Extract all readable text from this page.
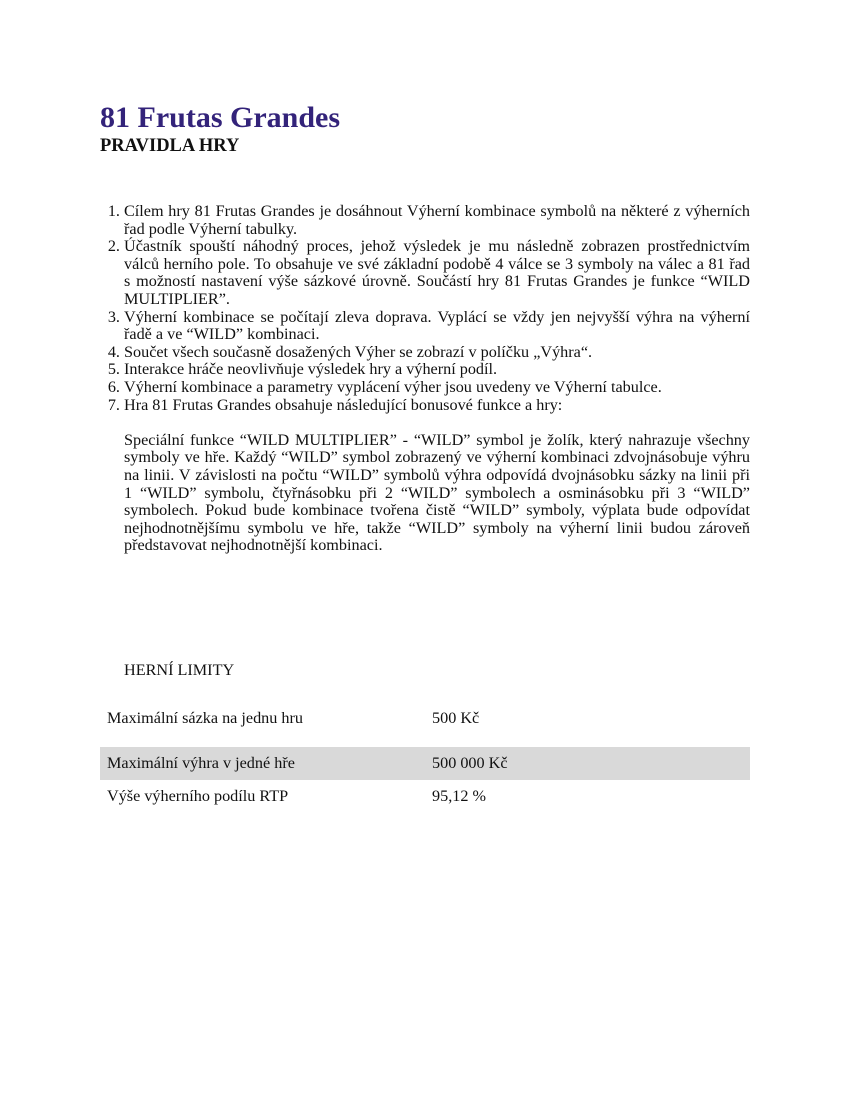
81 Frutas Grandes
PRAVIDLA HRY
1. Cílem hry 81 Frutas Grandes je dosáhnout Výherní kombinace symbolů na některé z výherních řad podle Výherní tabulky.
2. Účastník spouští náhodný proces, jehož výsledek je mu následně zobrazen prostřednictvím válců herního pole. To obsahuje ve své základní podobě 4 válce se 3 symboly na válec a 81 řad s možností nastavení výše sázkové úrovně. Součástí hry 81 Frutas Grandes je funkce “WILD MULTIPLIER”.
3. Výherní kombinace se počítají zleva doprava. Vyplácí se vždy jen nejvyšší výhra na výherní řadě a ve “WILD” kombinaci.
4. Součet všech současně dosažených Výher se zobrazí v políčku „Výhra“.
5. Interakce hráče neovlivňuje výsledek hry a výherní podíl.
6. Výherní kombinace a parametry vyplácení výher jsou uvedeny ve Výherní tabulce.
7. Hra 81 Frutas Grandes obsahuje následující bonusové funkce a hry:
Speciální funkce “WILD MULTIPLIER” - “WILD” symbol je žolík, který nahrazuje všechny symboly ve hře. Každý “WILD” symbol zobrazený ve výherní kombinaci zdvojnásobuje výhru na linii. V závislosti na počtu “WILD” symbolů výhra odpovídá dvojnásobku sázky na linii při 1 “WILD” symbolu, čtyřnásobku při 2 “WILD” symbolech a osminásobku při 3 “WILD” symbolech. Pokud bude kombinace tvořena čistě “WILD” symboly, výplata bude odpovídat nejhodnotnějšímu symbolu ve hře, takže “WILD” symboly na výherní linii budou zároveň představovat nejhodnotnější kombinaci.
HERNÍ LIMITY
Maximální sázka na jednu hru	500 Kč

Maximální výhra v jedné hře	500 000 Kč
Výše výherního podílu RTP	95,12 %
